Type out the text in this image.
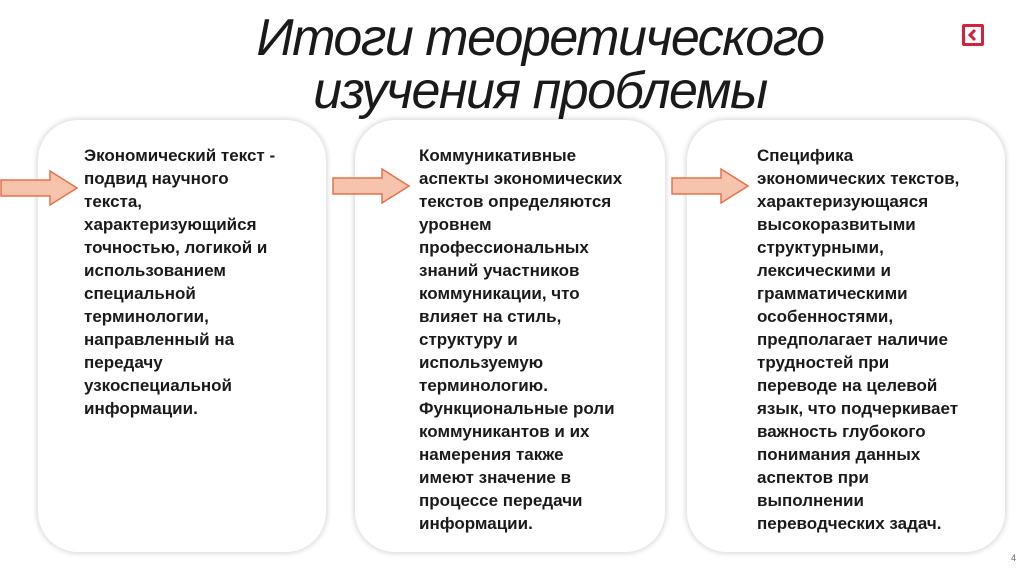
Итоги теоретического
изучения проблемы

Экономический текст -
подвид научного
текста,
характеризующийся
точностью, логикой и
использованием
специальной
терминологии,
направленный на
передачу
узкоспециальной
информации.

Коммуникативные
аспекты экономических
текстов определяются
уровнем
профессиональных
знаний участников
коммуникации, что
влияет на стиль,
структуру и
используемую
терминологию.
Функциональные роли
коммуникантов и их
намерения также
имеют значение в
процессе передачи
информации.

Специфика
экономических текстов,
характеризующаяся
высокоразвитыми
структурными,
лексическими и
грамматическими
особенностями,
предполагает наличие
трудностей при
переводе на целевой
язык, что подчеркивает
важность глубокого
понимания данных
аспектов при
выполнении
переводческих задач.

4
